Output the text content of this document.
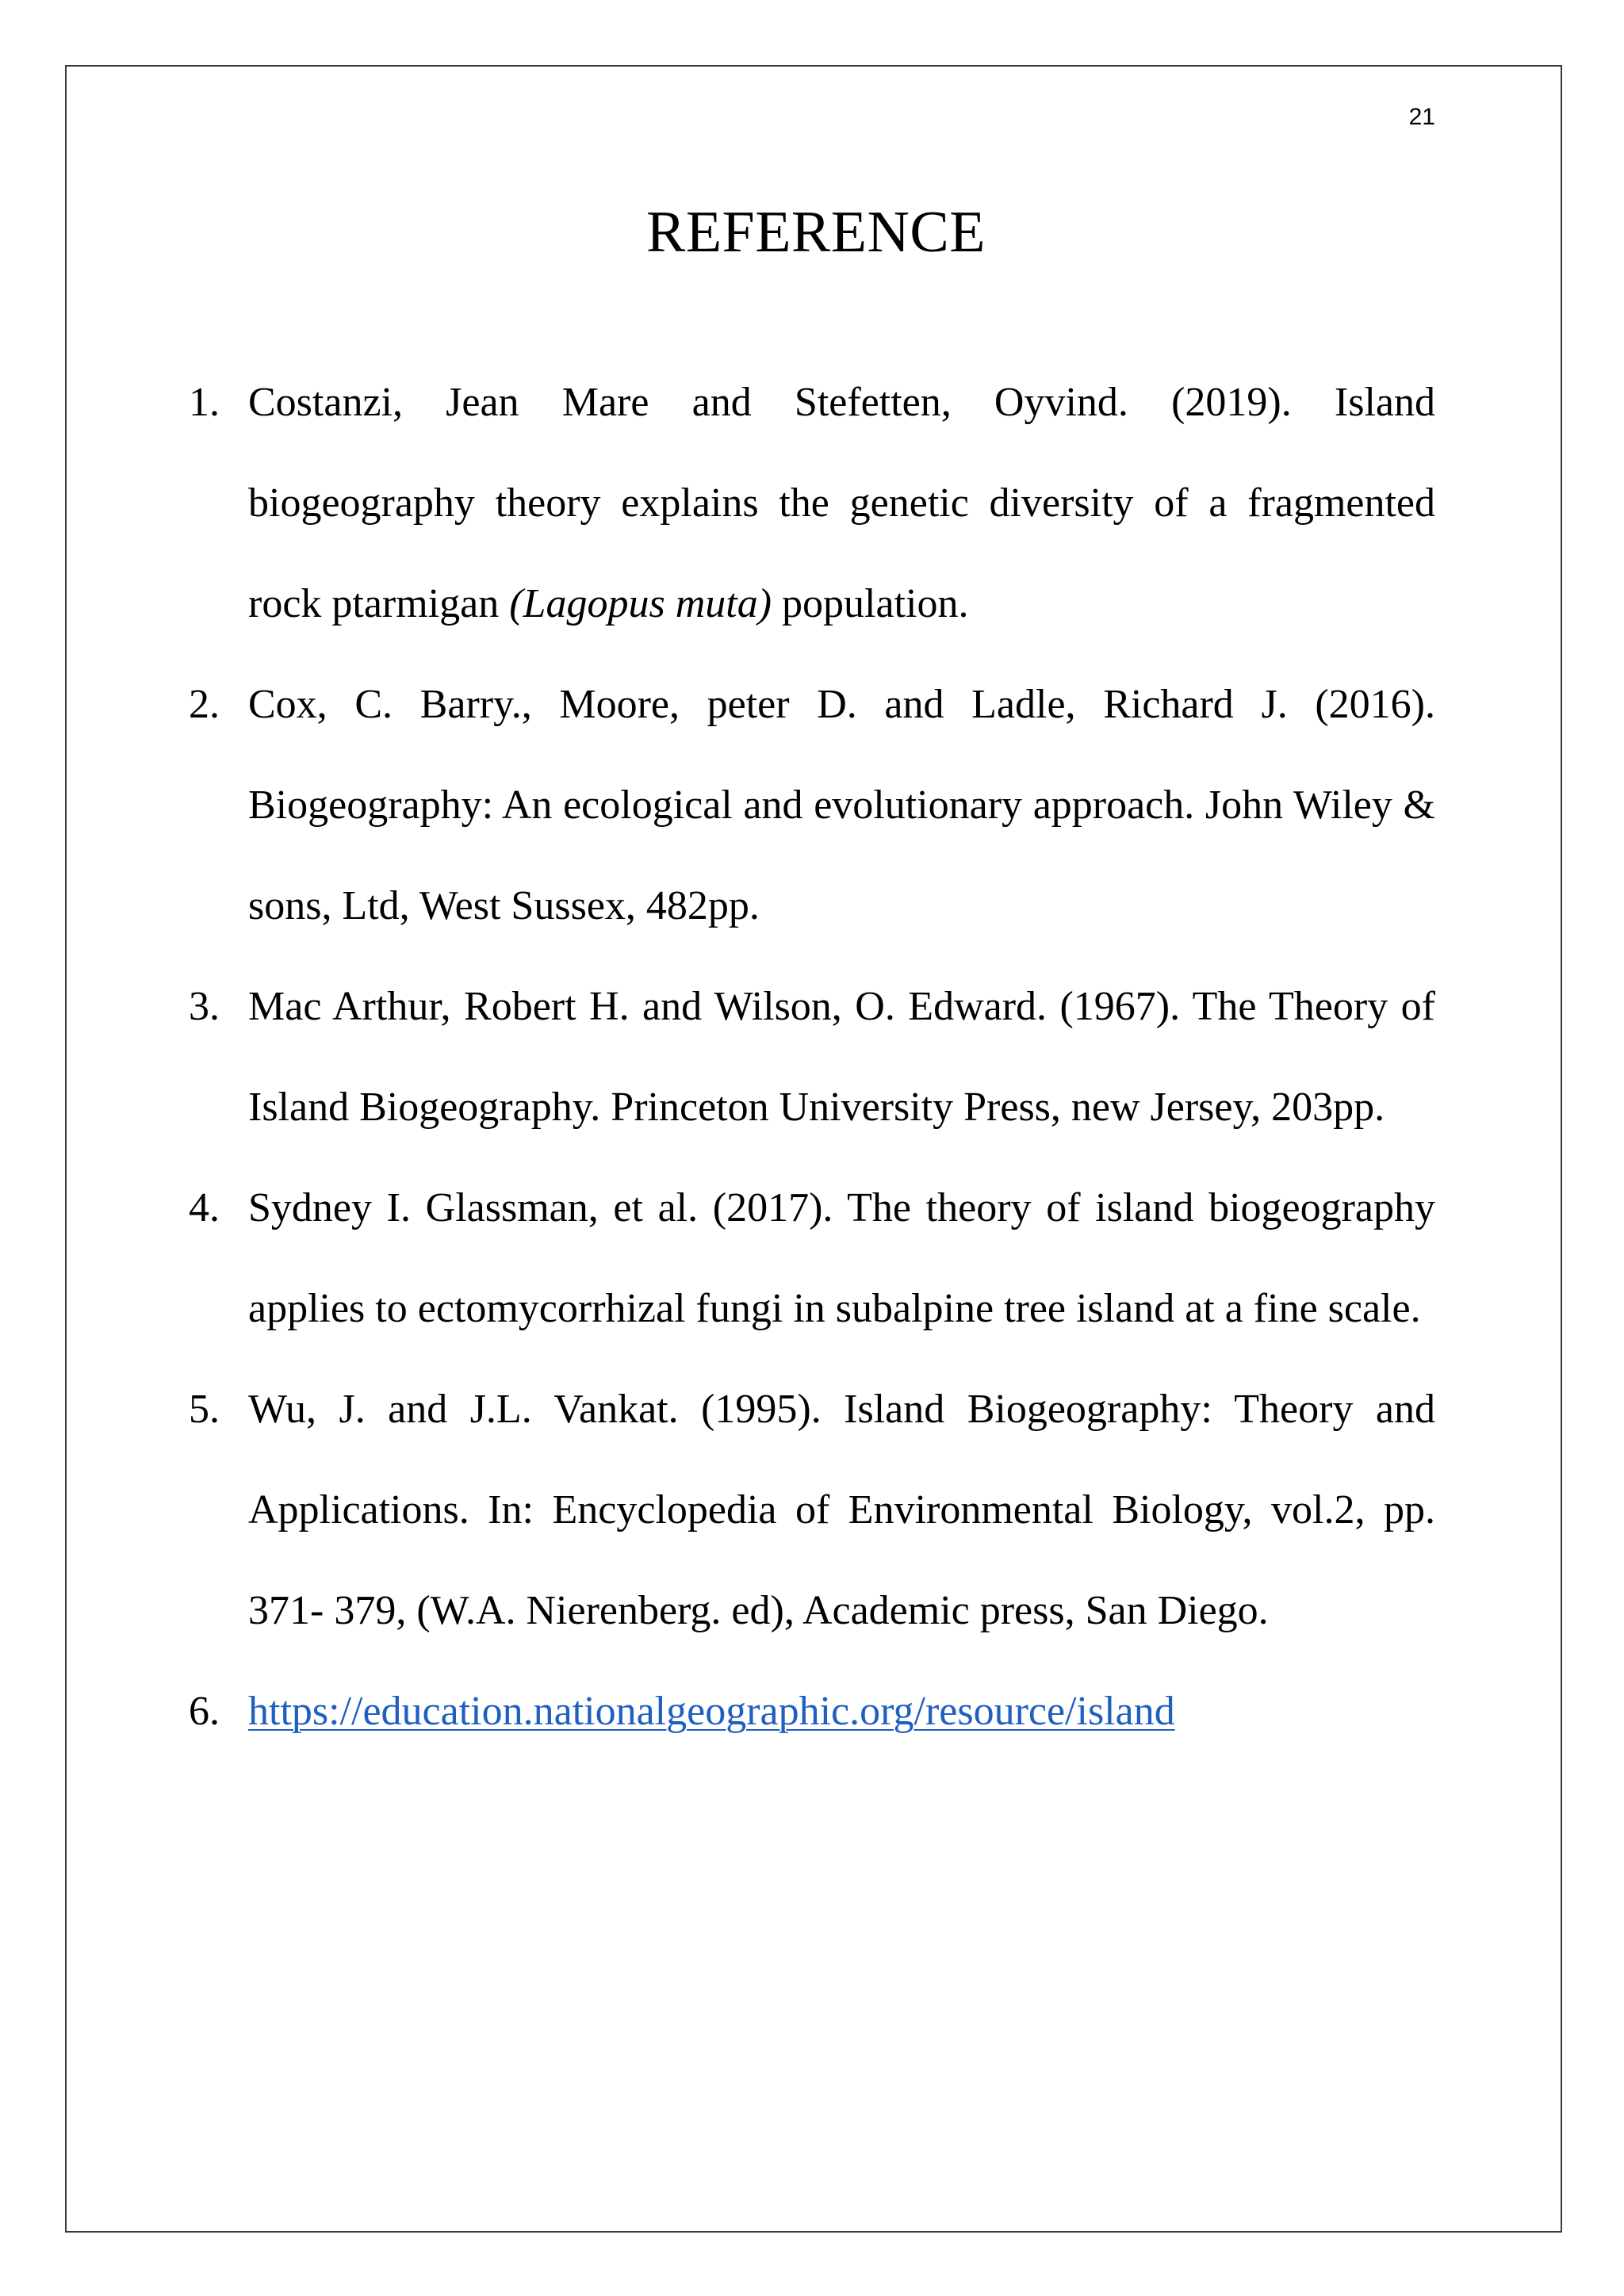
21
REFERENCE
1. Costanzi, Jean Mare and Stefetten, Oyvind. (2019). Island biogeography theory explains the genetic diversity of a fragmented rock ptarmigan (Lagopus muta) population.
2. Cox, C. Barry., Moore, peter D. and Ladle, Richard J. (2016). Biogeography: An ecological and evolutionary approach. John Wiley & sons, Ltd, West Sussex, 482pp.
3. Mac Arthur, Robert H. and Wilson, O. Edward. (1967). The Theory of Island Biogeography. Princeton University Press, new Jersey, 203pp.
4. Sydney I. Glassman, et al. (2017). The theory of island biogeography applies to ectomycorrhizal fungi in subalpine tree island at a fine scale.
5. Wu, J. and J.L. Vankat. (1995). Island Biogeography: Theory and Applications. In: Encyclopedia of Environmental Biology, vol.2, pp. 371- 379, (W.A. Nierenberg. ed), Academic press, San Diego.
6. https://education.nationalgeographic.org/resource/island
